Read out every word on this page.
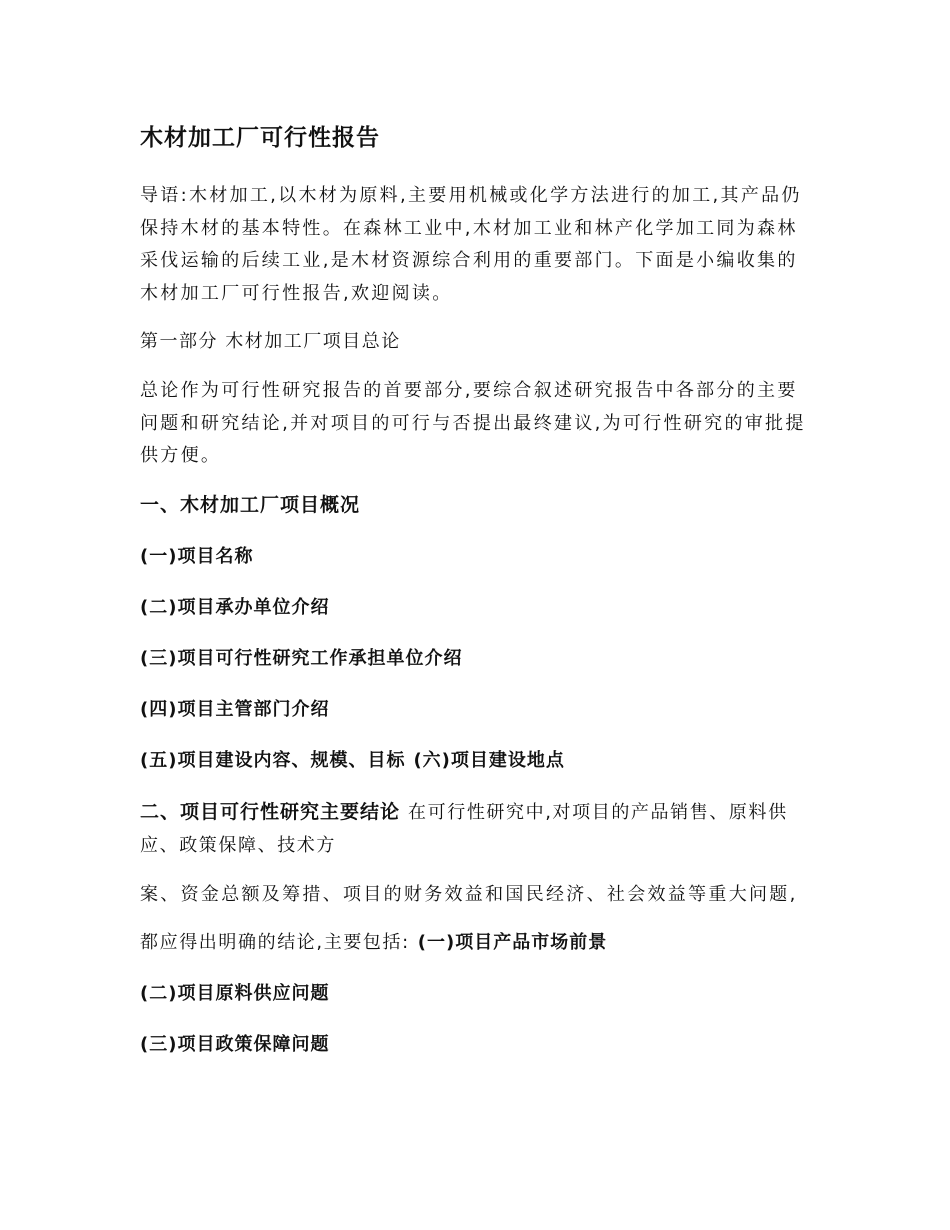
木材加工厂可行性报告
导语:木材加工,以木材为原料,主要用机械或化学方法进行的加工,其产品仍保持木材的基本特性。在森林工业中,木材加工业和林产化学加工同为森林采伐运输的后续工业,是木材资源综合利用的重要部门。下面是小编收集的木材加工厂可行性报告,欢迎阅读。
第一部分 木材加工厂项目总论
总论作为可行性研究报告的首要部分,要综合叙述研究报告中各部分的主要问题和研究结论,并对项目的可行与否提出最终建议,为可行性研究的审批提供方便。
一、木材加工厂项目概况
(一)项目名称
(二)项目承办单位介绍
(三)项目可行性研究工作承担单位介绍
(四)项目主管部门介绍
(五)项目建设内容、规模、目标 (六)项目建设地点
二、项目可行性研究主要结论 在可行性研究中,对项目的产品销售、原料供应、政策保障、技术方
案、资金总额及筹措、项目的财务效益和国民经济、社会效益等重大问题,
都应得出明确的结论,主要包括: (一)项目产品市场前景
(二)项目原料供应问题
(三)项目政策保障问题
